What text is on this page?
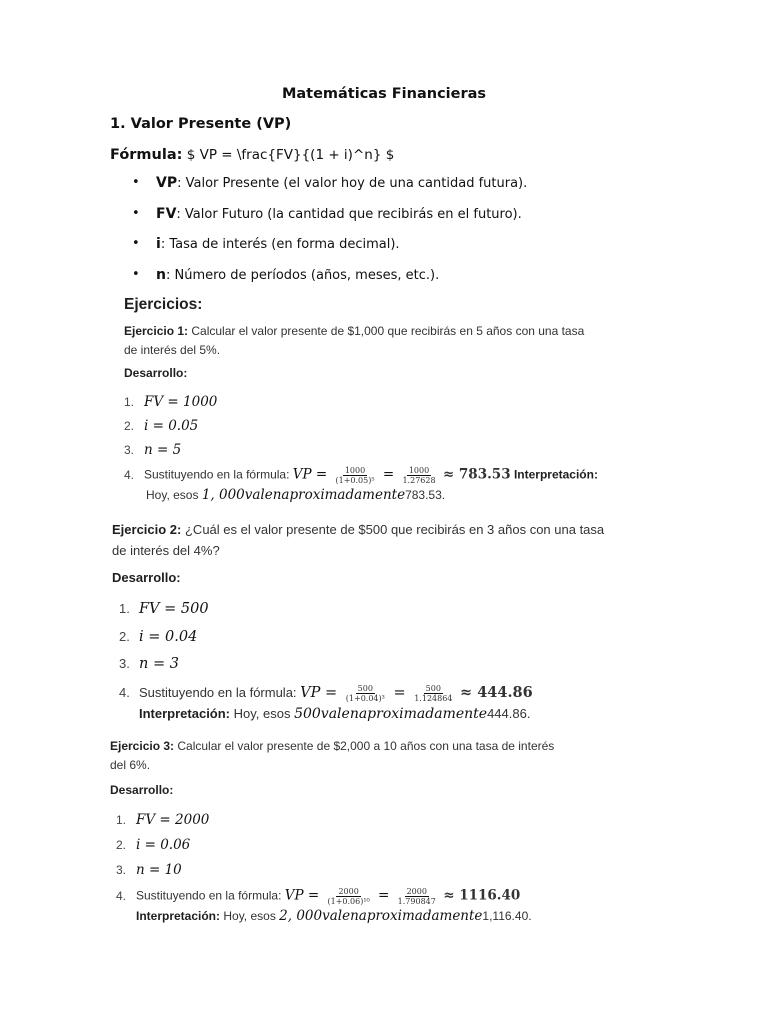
Matemáticas Financieras
1. Valor Presente (VP)
Fórmula: $ VP = \frac{FV}{(1 + i)^n} $
• VP: Valor Presente (el valor hoy de una cantidad futura).
• FV: Valor Futuro (la cantidad que recibirás en el futuro).
• i: Tasa de interés (en forma decimal).
• n: Número de períodos (años, meses, etc.).
Ejercicios:
Ejercicio 1: Calcular el valor presente de $1,000 que recibirás en 5 años con una tasa
de interés del 5%.
Desarrollo:
1. FV = 1000
2. i = 0.05
3. n = 5
4. Sustituyendo en la fórmula: VP = $\frac{1000}{\text{(1+0.05)⁵}} = \frac{1000}{1.27628} \approx 783.53$ Interpretación:
Hoy, esos 1, 000valenaproximadamente783.53.
Ejercicio 2: ¿Cuál es el valor presente de $500 que recibirás en 3 años con una tasa
de interés del 4%?
Desarrollo:
1. FV = 500
2. i = 0.04
3. n = 3
4. Sustituyendo en la fórmula: VP = $\frac{500}{\text{(1+0.04)³}} = \frac{500}{1.124864} \approx 444.86$
Interpretación: Hoy, esos 500valenaproximadamente444.86.
Ejercicio 3: Calcular el valor presente de $2,000 a 10 años con una tasa de interés
del 6%.
Desarrollo:
1. FV = 2000
2. i = 0.06
3. n = 10
4. Sustituyendo en la fórmula: VP = $\frac{2000}{\text{(1+0.06)¹⁰}} = \frac{2000}{1.790847} \approx 1116.40$
Interpretación: Hoy, esos 2, 000valenaproximadamente1,116.40.
